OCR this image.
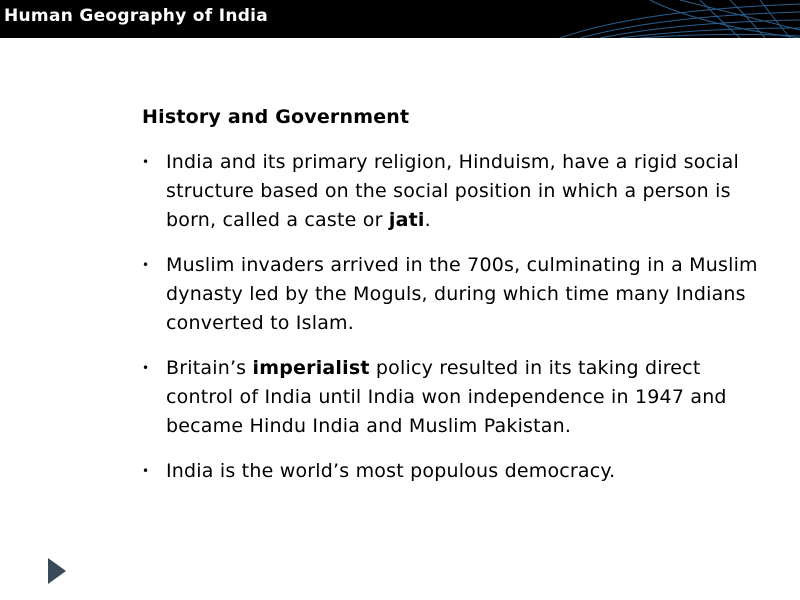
Human Geography of India
History and Government
• India and its primary religion, Hinduism, have a rigid social structure based on the social position in which a person is born, called a caste or jati.
• Muslim invaders arrived in the 700s, culminating in a Muslim dynasty led by the Moguls, during which time many Indians converted to Islam.
• Britain’s imperialist policy resulted in its taking direct control of India until India won independence in 1947 and became Hindu India and Muslim Pakistan.
• India is the world’s most populous democracy.
